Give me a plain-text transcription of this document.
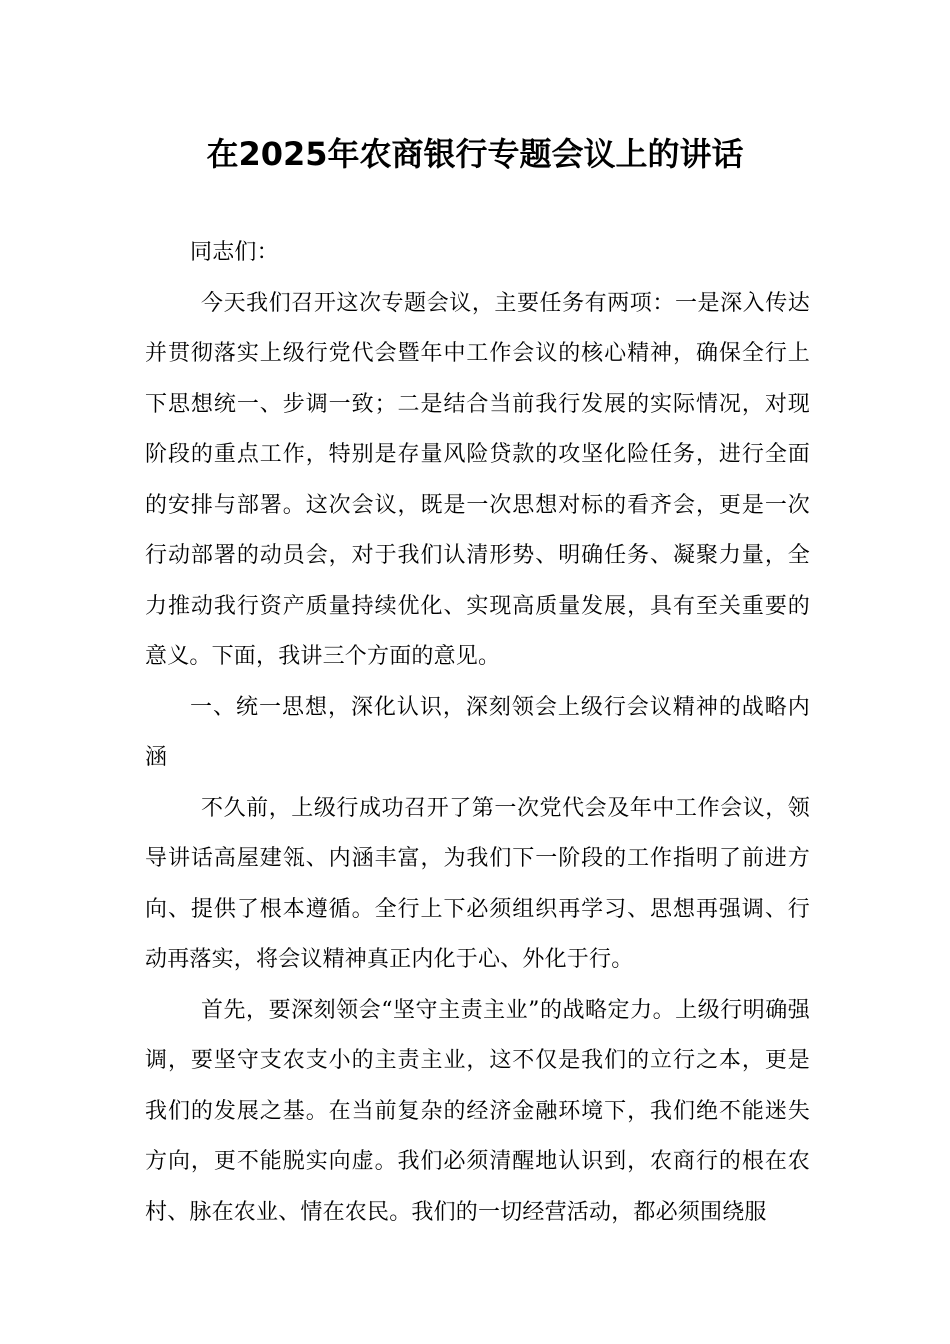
在2025年农商银行专题会议上的讲话

同志们：

今天我们召开这次专题会议，主要任务有两项：一是深入传达并贯彻落实上级行党代会暨年中工作会议的核心精神，确保全行上下思想统一、步调一致；二是结合当前我行发展的实际情况，对现阶段的重点工作，特别是存量风险贷款的攻坚化险任务，进行全面的安排与部署。这次会议，既是一次思想对标的看齐会，更是一次行动部署的动员会，对于我们认清形势、明确任务、凝聚力量，全力推动我行资产质量持续优化、实现高质量发展，具有至关重要的意义。下面，我讲三个方面的意见。

一、统一思想，深化认识，深刻领会上级行会议精神的战略内涵

不久前，上级行成功召开了第一次党代会及年中工作会议，领导讲话高屋建瓴、内涵丰富，为我们下一阶段的工作指明了前进方向、提供了根本遵循。全行上下必须组织再学习、思想再强调、行动再落实，将会议精神真正内化于心、外化于行。

首先，要深刻领会“坚守主责主业”的战略定力。上级行明确强调，要坚守支农支小的主责主业，这不仅是我们的立行之本，更是我们的发展之基。在当前复杂的经济金融环境下，我们绝不能迷失方向，更不能脱实向虚。我们必须清醒地认识到，农商行的根在农村、脉在农业、情在农民。我们的一切经营活动，都必须围绕服
